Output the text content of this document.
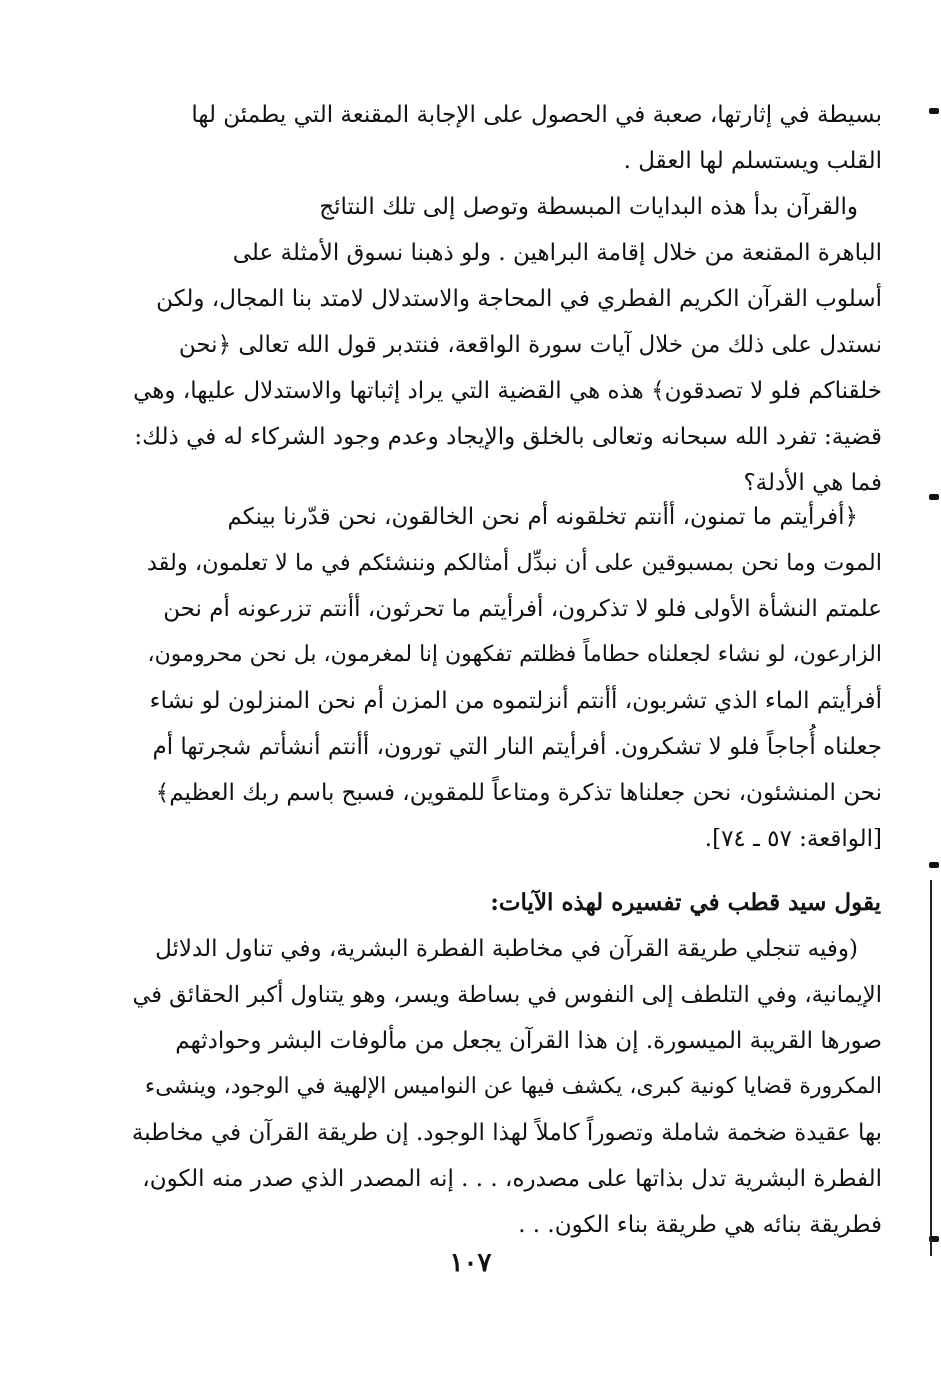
بسيطة في إثارتها، صعبة في الحصول على الإجابة المقنعة التي يطمئن لها
القلب ويستسلم لها العقل .
والقرآن بدأ هذه البدايات المبسطة وتوصل إلى تلك النتائج
الباهرة المقنعة من خلال إقامة البراهين . ولو ذهبنا نسوق الأمثلة على
أسلوب القرآن الكريم الفطري في المحاجة والاستدلال لامتد بنا المجال، ولكن
نستدل على ذلك من خلال آيات سورة الواقعة، فنتدبر قول الله تعالى ﴿نحن
خلقناكم فلو لا تصدقون﴾ هذه هي القضية التي يراد إثباتها والاستدلال عليها، وهي
قضية: تفرد الله سبحانه وتعالى بالخلق والإيجاد وعدم وجود الشركاء له في ذلك:
فما هي الأدلة؟
﴿أفرأيتم ما تمنون، أأنتم تخلقونه أم نحن الخالقون، نحن قدّرنا بينكم
الموت وما نحن بمسبوقين على أن نبدِّل أمثالكم وننشئكم في ما لا تعلمون، ولقد
علمتم النشأة الأولى فلو لا تذكرون، أفرأيتم ما تحرثون، أأنتم تزرعونه أم نحن
الزارعون، لو نشاء لجعلناه حطاماً فظلتم تفكهون إنا لمغرمون، بل نحن محرومون،
أفرأيتم الماء الذي تشربون، أأنتم أنزلتموه من المزن أم نحن المنزلون لو نشاء
جعلناه أُجاجاً فلو لا تشكرون. أفرأيتم النار التي تورون، أأنتم أنشأتم شجرتها أم
نحن المنشئون، نحن جعلناها تذكرة ومتاعاً للمقوين، فسبح باسم ربك العظيم﴾
[الواقعة: ٥٧ ـ ٧٤].
يقول سيد قطب في تفسيره لهذه الآيات:
(وفيه تنجلي طريقة القرآن في مخاطبة الفطرة البشرية، وفي تناول الدلائل
الإيمانية، وفي التلطف إلى النفوس في بساطة ويسر، وهو يتناول أكبر الحقائق في
صورها القريبة الميسورة. إن هذا القرآن يجعل من مألوفات البشر وحوادثهم
المكرورة قضايا كونية كبرى، يكشف فيها عن النواميس الإلهية في الوجود، وينشىء
بها عقيدة ضخمة شاملة وتصوراً كاملاً لهذا الوجود. إن طريقة القرآن في مخاطبة
الفطرة البشرية تدل بذاتها على مصدره، . . . إنه المصدر الذي صدر منه الكون،
فطريقة بنائه هي طريقة بناء الكون. . .
١٠٧
